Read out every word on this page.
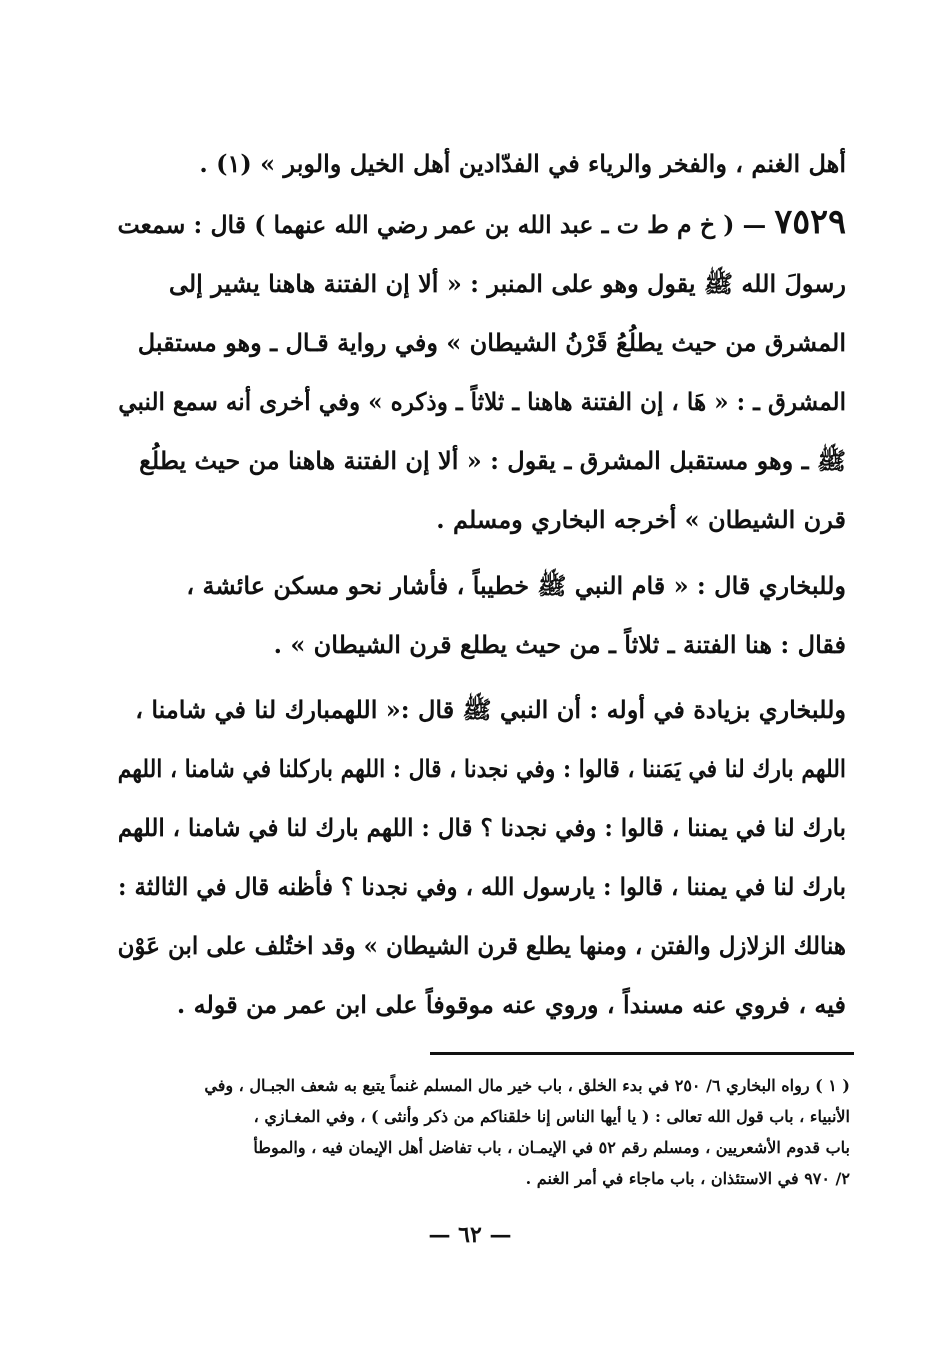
أهل الغنم ، والفخر والرياء في الفدّادين أهل الخيل والوبر » (١) .
٧٥٢٩ — ( خ م ط ت ـ عبد الله بن عمر رضي الله عنهما ) قال : سمعت
رسولَ الله ﷺ يقول وهو على المنبر : « ألا إن الفتنة هاهنا يشير إلى
المشرق من حيث يطلُعُ قَرْنُ الشيطان » وفي رواية قـال ـ وهو مستقبل
المشرق ـ : « هَا ، إن الفتنة هاهنا ـ ثلاثاً ـ وذكره » وفي أخرى أنه سمع النبي
ﷺ ـ وهو مستقبل المشرق ـ يقول : « ألا إن الفتنة هاهنا من حيث يطلُع
قرن الشيطان » أخرجه البخاري ومسلم .
وللبخاري قال : « قام النبي ﷺ خطيباً ، فأشار نحو مسكن عائشة ،
فقال : هنا الفتنة ـ ثلاثاً ـ من حيث يطلع قرن الشيطان » .
وللبخاري بزيادة في أوله : أن النبي ﷺ قال :« اللهمبارك لنا في شامنا ،
اللهم بارك لنا في يَمَننا ، قالوا : وفي نجدنا ، قال : اللهم باركلنا في شامنا ، اللهم
بارك لنا في يمننا ، قالوا : وفي نجدنا ؟ قال : اللهم بارك لنا في شامنا ، اللهم
بارك لنا في يمننا ، قالوا : يارسول الله ، وفي نجدنا ؟ فأظنه قال في الثالثة :
هنالك الزلازل والفتن ، ومنها يطلع قرن الشيطان » وقد اختُلف على ابن عَوْن
فيه ، فروي عنه مسنداً ، وروي عنه موقوفاً على ابن عمر من قوله .
( ١ ) رواه البخاري ٦/ ٢٥٠ في بدء الخلق ، باب خير مال المسلم غنماً يتبع به شعف الجبـال ، وفي
الأنبياء ، باب قول الله تعالى : ( يا أيها الناس إنا خلقناكم من ذكر وأنثى ) ، وفي المغـازي ،
باب قدوم الأشعريين ، ومسلم رقم ٥٢ في الإيمـان ، باب تفاضل أهل الإيمان فيه ، والموطأ
٢/ ٩٧٠ في الاستئذان ، باب ماجاء في أمر الغنم .
— ٦٢ —
